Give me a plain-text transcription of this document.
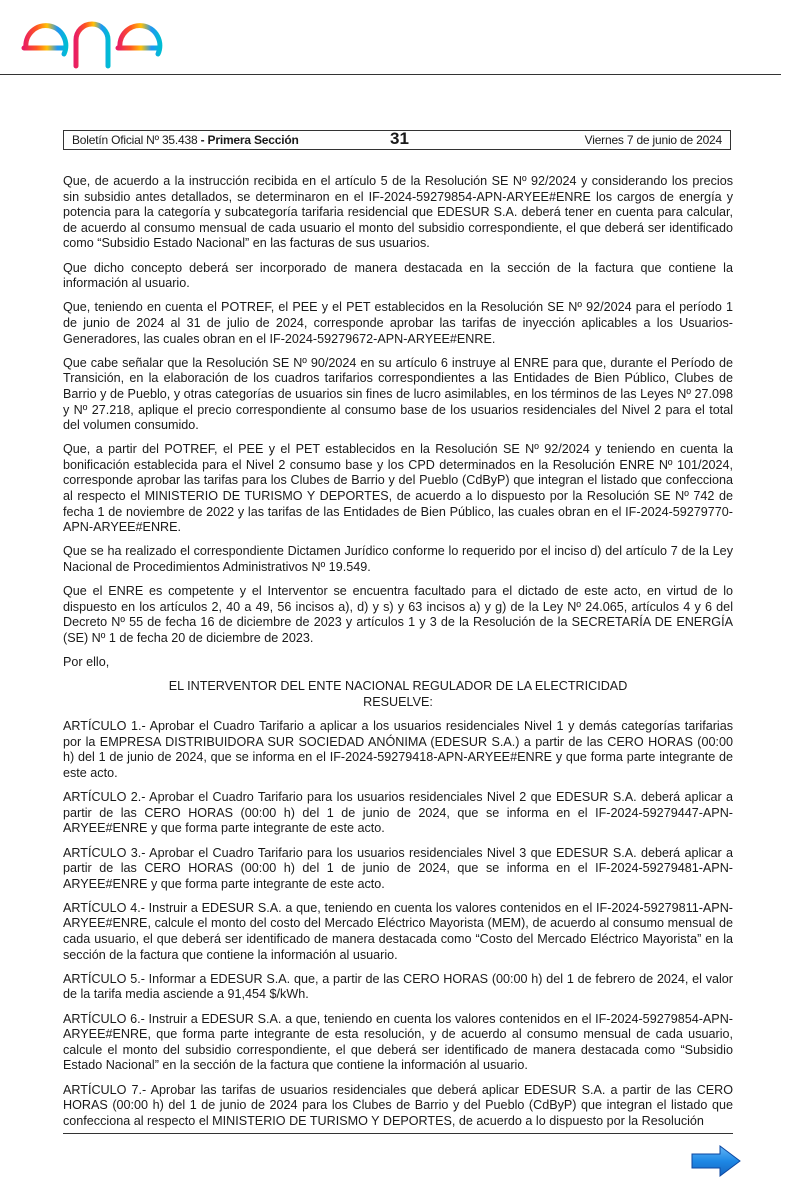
Boletín Oficial Nº 35.438 - Primera Sección	31	Viernes 7 de junio de 2024

Que, de acuerdo a la instrucción recibida en el artículo 5 de la Resolución SE Nº 92/2024 y considerando los precios sin subsidio antes detallados, se determinaron en el IF-2024-59279854-APN-ARYEE#ENRE los cargos de energía y potencia para la categoría y subcategoría tarifaria residencial que EDESUR S.A. deberá tener en cuenta para calcular, de acuerdo al consumo mensual de cada usuario el monto del subsidio correspondiente, el que deberá ser identificado como “Subsidio Estado Nacional” en las facturas de sus usuarios.

Que dicho concepto deberá ser incorporado de manera destacada en la sección de la factura que contiene la información al usuario.

Que, teniendo en cuenta el POTREF, el PEE y el PET establecidos en la Resolución SE Nº 92/2024 para el período 1 de junio de 2024 al 31 de julio de 2024, corresponde aprobar las tarifas de inyección aplicables a los Usuarios-Generadores, las cuales obran en el IF-2024-59279672-APN-ARYEE#ENRE.

Que cabe señalar que la Resolución SE Nº 90/2024 en su artículo 6 instruye al ENRE para que, durante el Período de Transición, en la elaboración de los cuadros tarifarios correspondientes a las Entidades de Bien Público, Clubes de Barrio y de Pueblo, y otras categorías de usuarios sin fines de lucro asimilables, en los términos de las Leyes Nº 27.098 y Nº 27.218, aplique el precio correspondiente al consumo base de los usuarios residenciales del Nivel 2 para el total del volumen consumido.

Que, a partir del POTREF, el PEE y el PET establecidos en la Resolución SE Nº 92/2024 y teniendo en cuenta la bonificación establecida para el Nivel 2 consumo base y los CPD determinados en la Resolución ENRE Nº 101/2024, corresponde aprobar las tarifas para los Clubes de Barrio y del Pueblo (CdByP) que integran el listado que confecciona al respecto el MINISTERIO DE TURISMO Y DEPORTES, de acuerdo a lo dispuesto por la Resolución SE Nº 742 de fecha 1 de noviembre de 2022 y las tarifas de las Entidades de Bien Público, las cuales obran en el IF-2024-59279770-APN-ARYEE#ENRE.

Que se ha realizado el correspondiente Dictamen Jurídico conforme lo requerido por el inciso d) del artículo 7 de la Ley Nacional de Procedimientos Administrativos Nº 19.549.

Que el ENRE es competente y el Interventor se encuentra facultado para el dictado de este acto, en virtud de lo dispuesto en los artículos 2, 40 a 49, 56 incisos a), d) y s) y 63 incisos a) y g) de la Ley Nº 24.065, artículos 4 y 6 del Decreto Nº 55 de fecha 16 de diciembre de 2023 y artículos 1 y 3 de la Resolución de la SECRETARÍA DE ENERGÍA (SE) Nº 1 de fecha 20 de diciembre de 2023.

Por ello,

EL INTERVENTOR DEL ENTE NACIONAL REGULADOR DE LA ELECTRICIDAD

RESUELVE:

ARTÍCULO 1.- Aprobar el Cuadro Tarifario a aplicar a los usuarios residenciales Nivel 1 y demás categorías tarifarias por la EMPRESA DISTRIBUIDORA SUR SOCIEDAD ANÓNIMA (EDESUR S.A.) a partir de las CERO HORAS (00:00 h) del 1 de junio de 2024, que se informa en el IF-2024-59279418-APN-ARYEE#ENRE y que forma parte integrante de este acto.

ARTÍCULO 2.- Aprobar el Cuadro Tarifario para los usuarios residenciales Nivel 2 que EDESUR S.A. deberá aplicar a partir de las CERO HORAS (00:00 h) del 1 de junio de 2024, que se informa en el IF-2024-59279447-APN-ARYEE#ENRE y que forma parte integrante de este acto.

ARTÍCULO 3.- Aprobar el Cuadro Tarifario para los usuarios residenciales Nivel 3 que EDESUR S.A. deberá aplicar a partir de las CERO HORAS (00:00 h) del 1 de junio de 2024, que se informa en el IF-2024-59279481-APN-ARYEE#ENRE y que forma parte integrante de este acto.

ARTÍCULO 4.- Instruir a EDESUR S.A. a que, teniendo en cuenta los valores contenidos en el IF-2024-59279811-APN-ARYEE#ENRE, calcule el monto del costo del Mercado Eléctrico Mayorista (MEM), de acuerdo al consumo mensual de cada usuario, el que deberá ser identificado de manera destacada como “Costo del Mercado Eléctrico Mayorista” en la sección de la factura que contiene la información al usuario.

ARTÍCULO 5.- Informar a EDESUR S.A. que, a partir de las CERO HORAS (00:00 h) del 1 de febrero de 2024, el valor de la tarifa media asciende a 91,454 $/kWh.

ARTÍCULO 6.- Instruir a EDESUR S.A. a que, teniendo en cuenta los valores contenidos en el IF-2024-59279854-APN-ARYEE#ENRE, que forma parte integrante de esta resolución, y de acuerdo al consumo mensual de cada usuario, calcule el monto del subsidio correspondiente, el que deberá ser identificado de manera destacada como “Subsidio Estado Nacional” en la sección de la factura que contiene la información al usuario.

ARTÍCULO 7.- Aprobar las tarifas de usuarios residenciales que deberá aplicar EDESUR S.A. a partir de las CERO HORAS (00:00 h) del 1 de junio de 2024 para los Clubes de Barrio y del Pueblo (CdByP) que integran el listado que confecciona al respecto el MINISTERIO DE TURISMO Y DEPORTES, de acuerdo a lo dispuesto por la Resolución
